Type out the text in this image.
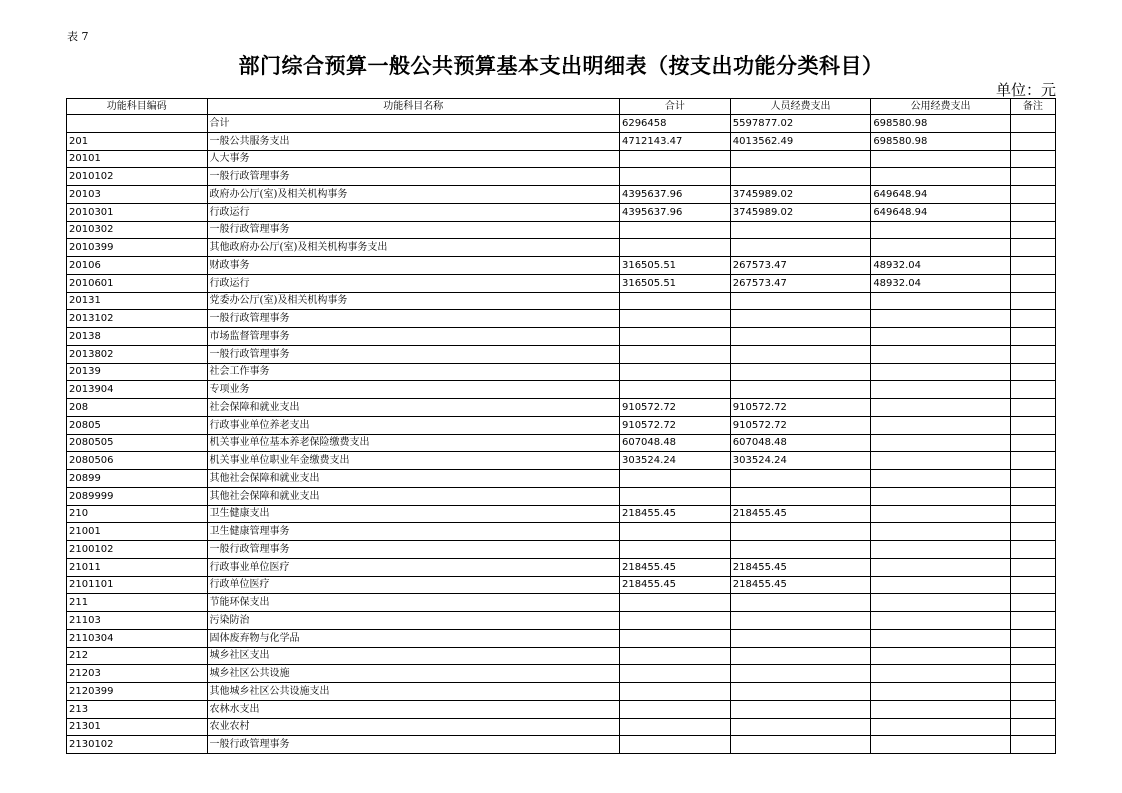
表 7
部门综合预算一般公共预算基本支出明细表（按支出功能分类科目）
单位：元
功能科目编码	功能科目名称	合计	人员经费支出	公用经费支出	备注
	合计	6296458	5597877.02	698580.98	
201	一般公共服务支出	4712143.47	4013562.49	698580.98	
20101	人大事务				
2010102	一般行政管理事务				
20103	政府办公厅(室)及相关机构事务	4395637.96	3745989.02	649648.94	
2010301	行政运行	4395637.96	3745989.02	649648.94	
2010302	一般行政管理事务				
2010399	其他政府办公厅(室)及相关机构事务支出				
20106	财政事务	316505.51	267573.47	48932.04	
2010601	行政运行	316505.51	267573.47	48932.04	
20131	党委办公厅(室)及相关机构事务				
2013102	一般行政管理事务				
20138	市场监督管理事务				
2013802	一般行政管理事务				
20139	社会工作事务				
2013904	专项业务				
208	社会保障和就业支出	910572.72	910572.72		
20805	行政事业单位养老支出	910572.72	910572.72		
2080505	机关事业单位基本养老保险缴费支出	607048.48	607048.48		
2080506	机关事业单位职业年金缴费支出	303524.24	303524.24		
20899	其他社会保障和就业支出				
2089999	其他社会保障和就业支出				
210	卫生健康支出	218455.45	218455.45		
21001	卫生健康管理事务				
2100102	一般行政管理事务				
21011	行政事业单位医疗	218455.45	218455.45		
2101101	行政单位医疗	218455.45	218455.45		
211	节能环保支出				
21103	污染防治				
2110304	固体废弃物与化学品				
212	城乡社区支出				
21203	城乡社区公共设施				
2120399	其他城乡社区公共设施支出				
213	农林水支出				
21301	农业农村				
2130102	一般行政管理事务				
